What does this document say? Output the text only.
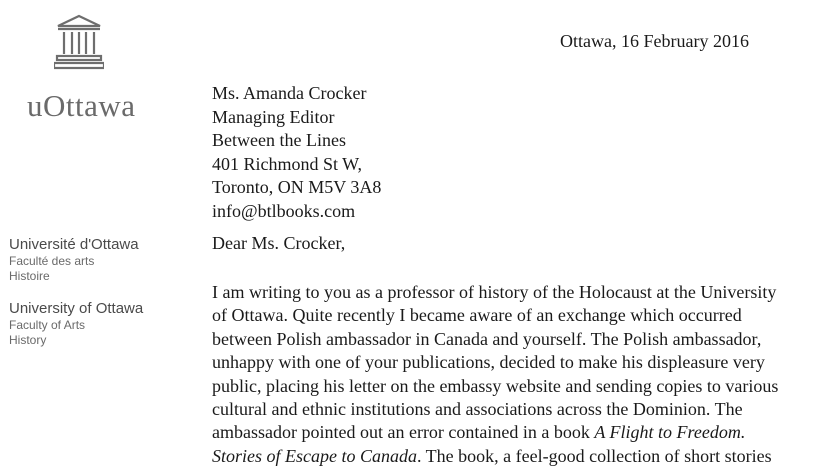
uOttawa
Université d'Ottawa
Faculté des arts
Histoire
University of Ottawa
Faculty of Arts
History
Ottawa, 16 February 2016
Ms. Amanda Crocker
Managing Editor
Between the Lines
401 Richmond St W,
Toronto, ON M5V 3A8
info@btlbooks.com
Dear Ms. Crocker,
I am writing to you as a professor of history of the Holocaust at the University
of Ottawa. Quite recently I became aware of an exchange which occurred
between Polish ambassador in Canada and yourself. The Polish ambassador,
unhappy with one of your publications, decided to make his displeasure very
public, placing his letter on the embassy website and sending copies to various
cultural and ethnic institutions and associations across the Dominion. The
ambassador pointed out an error contained in a book A Flight to Freedom.
Stories of Escape to Canada. The book, a feel-good collection of short stories
